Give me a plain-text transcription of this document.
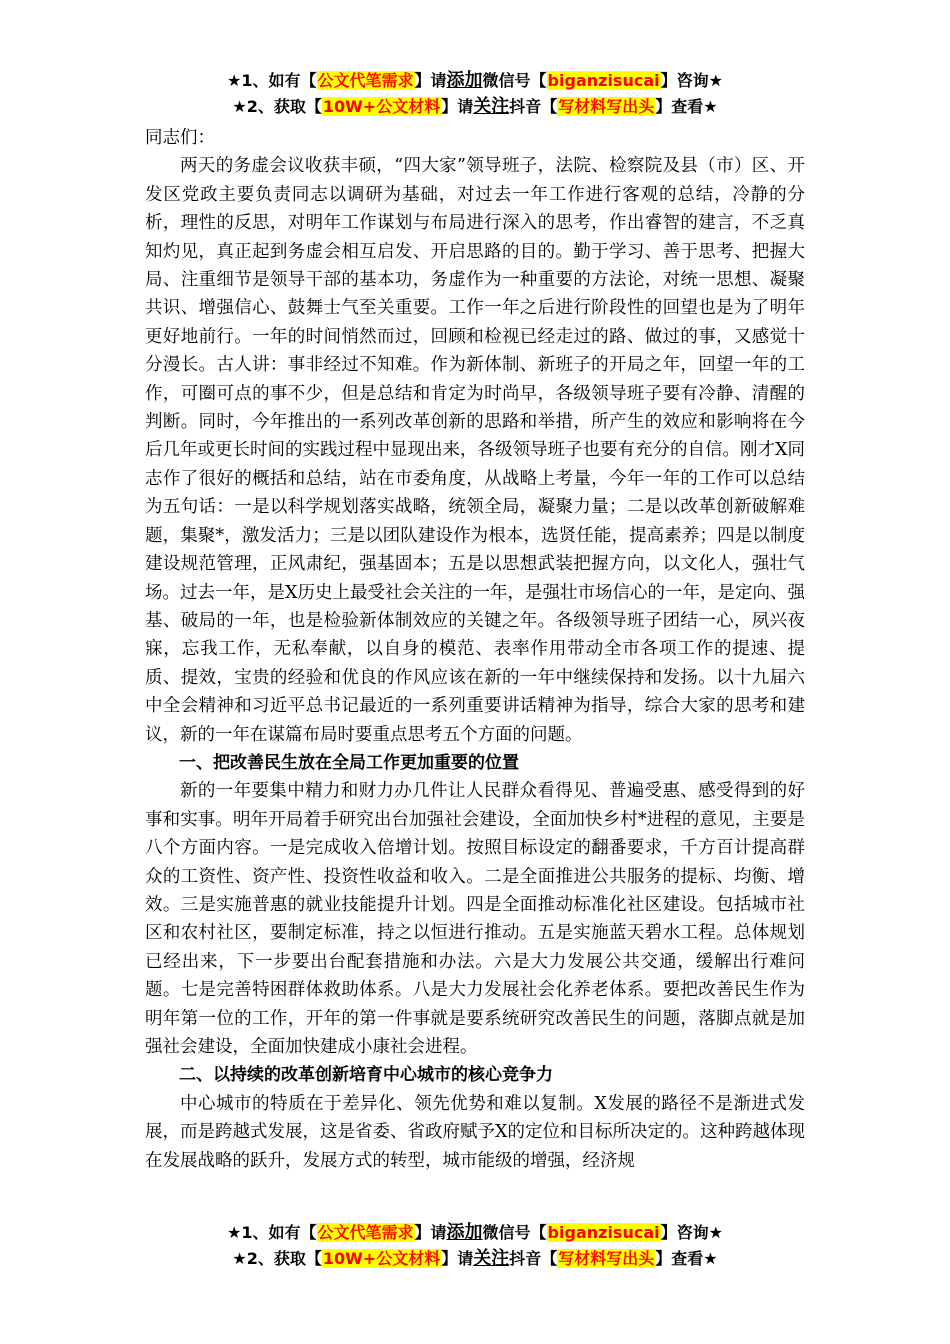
★1、如有【公文代笔需求】请添加微信号【biganzisucai】咨询★
★2、获取【10W+公文材料】请关注抖音【写材料写出头】查看★

同志们：

两天的务虚会议收获丰硕，“四大家”领导班子，法院、检察院及县（市）区、开发区党政主要负责同志以调研为基础，对过去一年工作进行客观的总结，冷静的分析，理性的反思，对明年工作谋划与布局进行深入的思考，作出睿智的建言，不乏真知灼见，真正起到务虚会相互启发、开启思路的目的。勤于学习、善于思考、把握大局、注重细节是领导干部的基本功，务虚作为一种重要的方法论，对统一思想、凝聚共识、增强信心、鼓舞士气至关重要。工作一年之后进行阶段性的回望也是为了明年更好地前行。一年的时间悄然而过，回顾和检视已经走过的路、做过的事，又感觉十分漫长。古人讲：事非经过不知难。作为新体制、新班子的开局之年，回望一年的工作，可圈可点的事不少，但是总结和肯定为时尚早，各级领导班子要有冷静、清醒的判断。同时，今年推出的一系列改革创新的思路和举措，所产生的效应和影响将在今后几年或更长时间的实践过程中显现出来，各级领导班子也要有充分的自信。刚才X同志作了很好的概括和总结，站在市委角度，从战略上考量，今年一年的工作可以总结为五句话：一是以科学规划落实战略，统领全局，凝聚力量；二是以改革创新破解难题，集聚*，激发活力；三是以团队建设作为根本，选贤任能，提高素养；四是以制度建设规范管理，正风肃纪，强基固本；五是以思想武装把握方向，以文化人，强壮气场。过去一年，是X历史上最受社会关注的一年，是强壮市场信心的一年，是定向、强基、破局的一年，也是检验新体制效应的关键之年。各级领导班子团结一心，夙兴夜寐，忘我工作，无私奉献，以自身的模范、表率作用带动全市各项工作的提速、提质、提效，宝贵的经验和优良的作风应该在新的一年中继续保持和发扬。以十九届六中全会精神和习近平总书记最近的一系列重要讲话精神为指导，综合大家的思考和建议，新的一年在谋篇布局时要重点思考五个方面的问题。

一、把改善民生放在全局工作更加重要的位置

新的一年要集中精力和财力办几件让人民群众看得见、普遍受惠、感受得到的好事和实事。明年开局着手研究出台加强社会建设，全面加快乡村*进程的意见，主要是八个方面内容。一是完成收入倍增计划。按照目标设定的翻番要求，千方百计提高群众的工资性、资产性、投资性收益和收入。二是全面推进公共服务的提标、均衡、增效。三是实施普惠的就业技能提升计划。四是全面推动标准化社区建设。包括城市社区和农村社区，要制定标准，持之以恒进行推动。五是实施蓝天碧水工程。总体规划已经出来，下一步要出台配套措施和办法。六是大力发展公共交通，缓解出行难问题。七是完善特困群体救助体系。八是大力发展社会化养老体系。要把改善民生作为明年第一位的工作，开年的第一件事就是要系统研究改善民生的问题，落脚点就是加强社会建设，全面加快建成小康社会进程。

二、以持续的改革创新培育中心城市的核心竞争力

中心城市的特质在于差异化、领先优势和难以复制。X发展的路径不是渐进式发展，而是跨越式发展，这是省委、省政府赋予X的定位和目标所决定的。这种跨越体现在发展战略的跃升，发展方式的转型，城市能级的增强，经济规

★1、如有【公文代笔需求】请添加微信号【biganzisucai】咨询★
★2、获取【10W+公文材料】请关注抖音【写材料写出头】查看★
